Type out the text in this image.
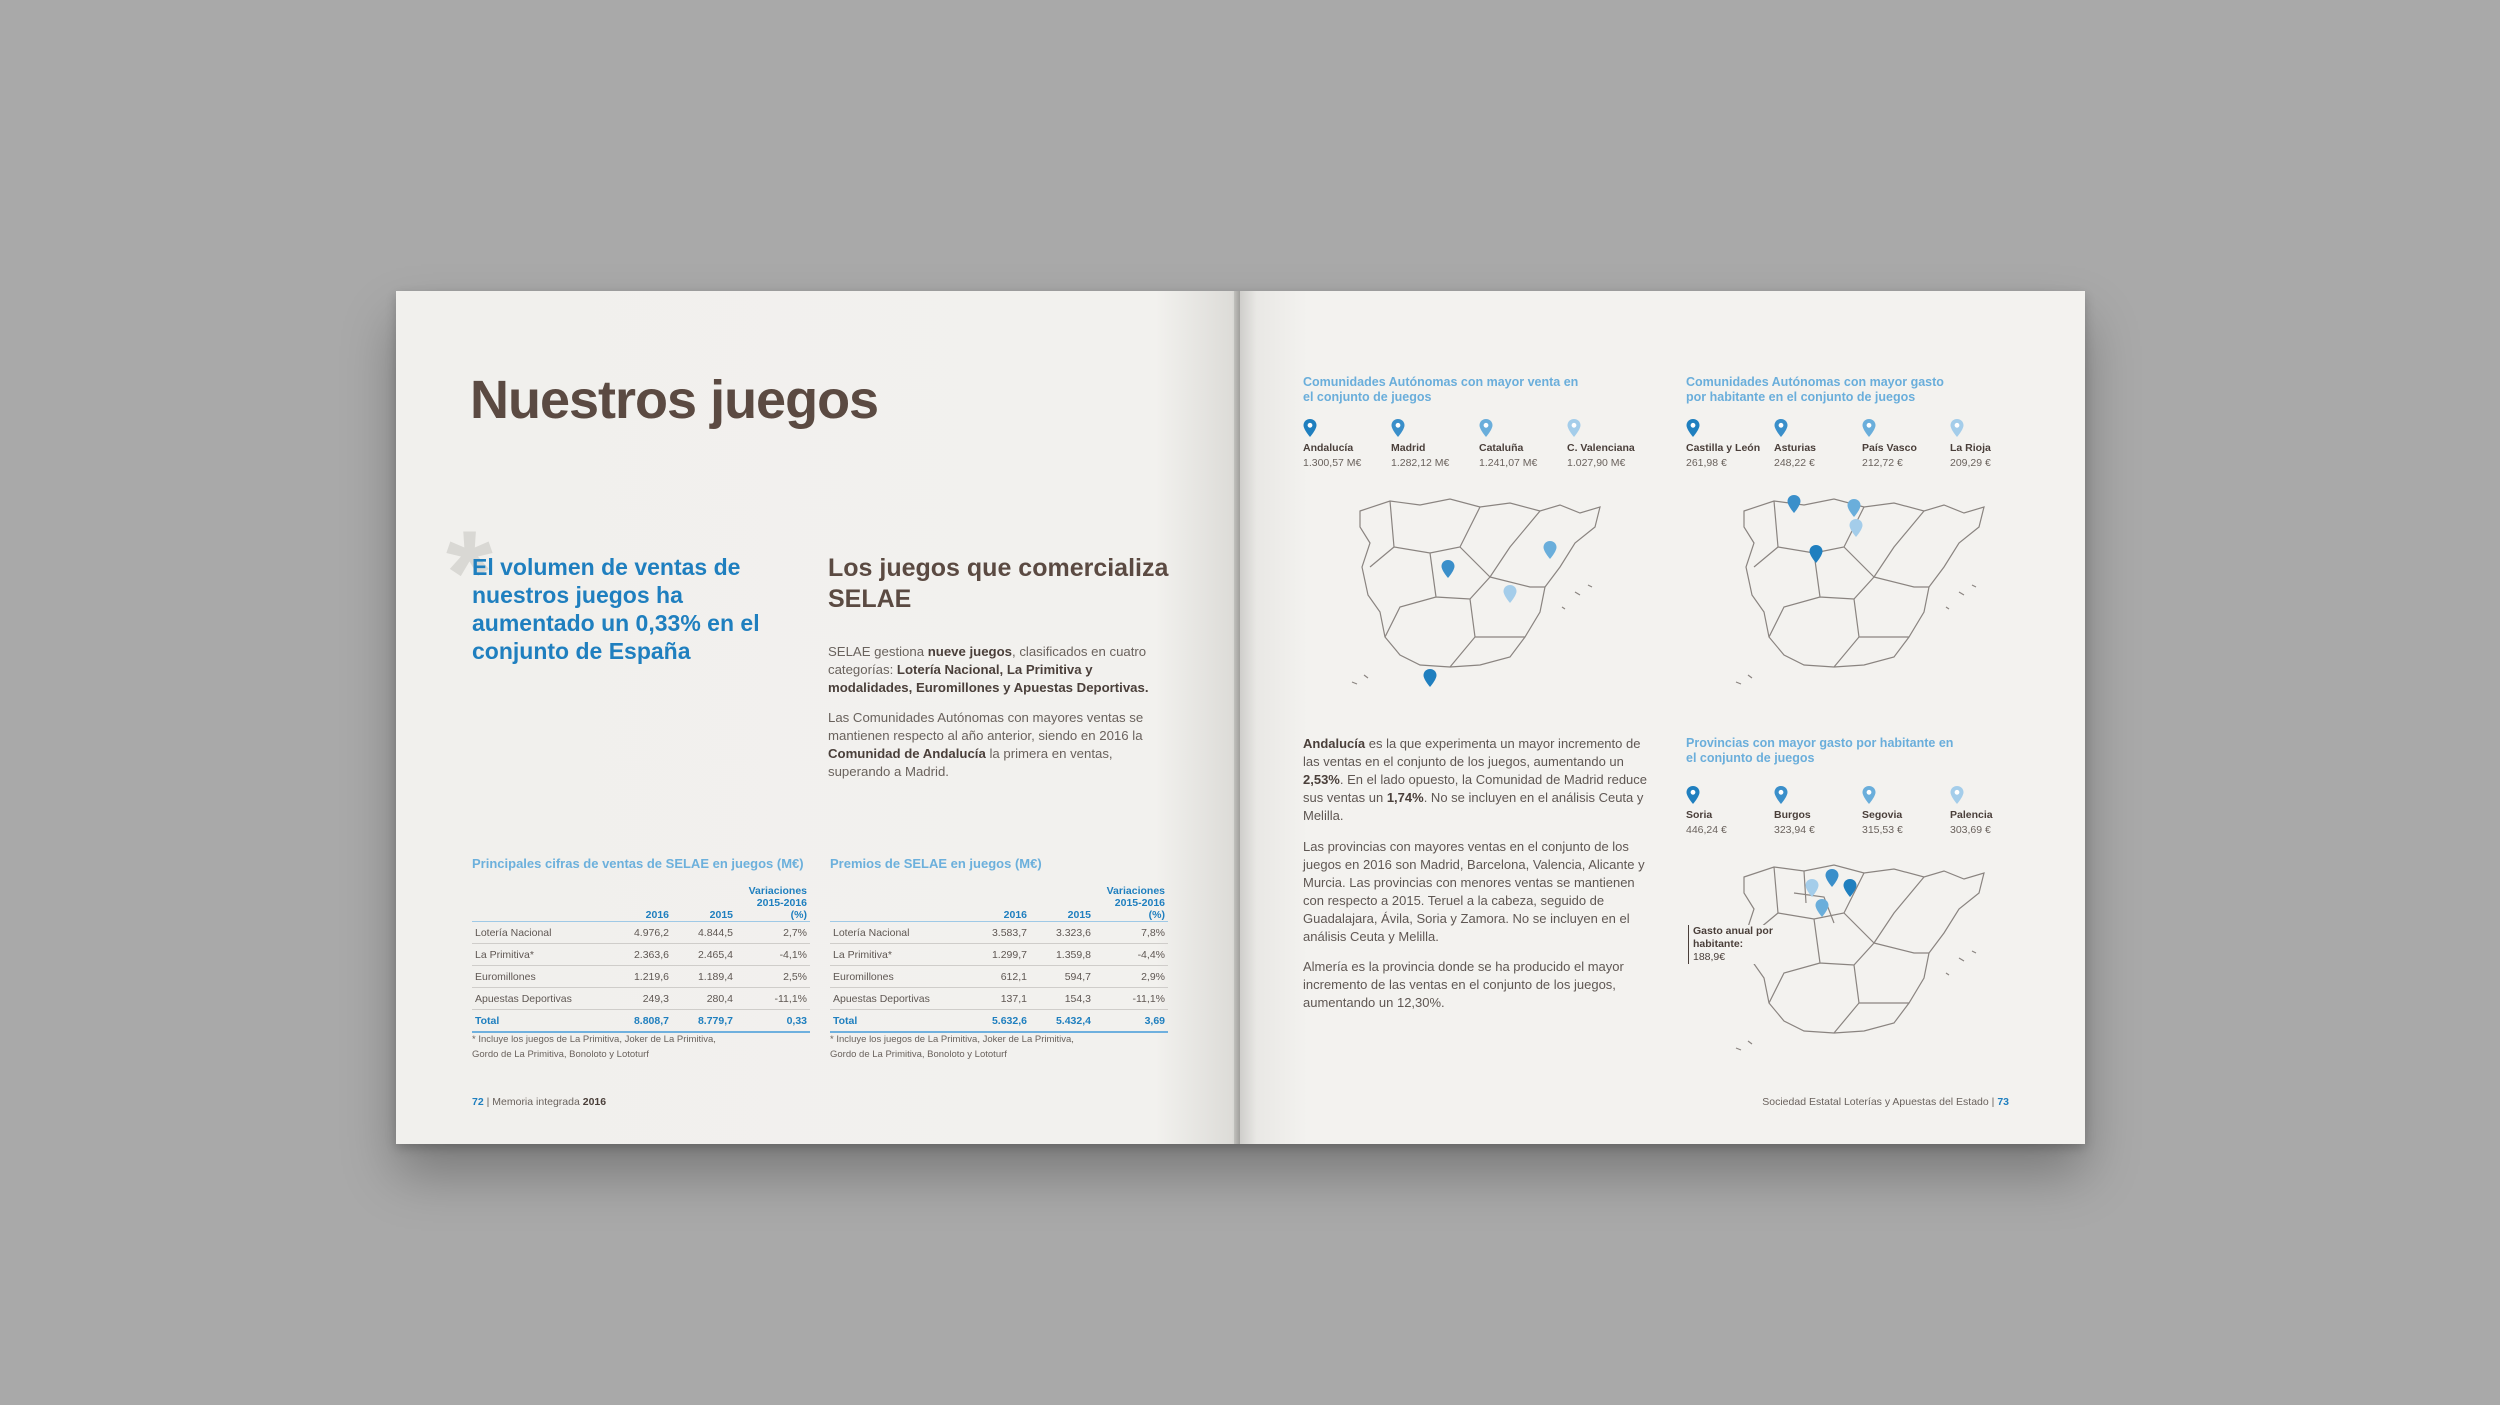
Nuestros juegos
*
El volumen de ventas de nuestros juegos ha aumentado un 0,33% en el conjunto de España
Los juegos que comercializa SELAE
SELAE gestiona nueve juegos, clasificados en cuatro categorías: Lotería Nacional, La Primitiva y modalidades, Euromillones y Apuestas Deportivas.
Las Comunidades Autónomas con mayores ventas se mantienen respecto al año anterior, siendo en 2016 la Comunidad de Andalucía la primera en ventas, superando a Madrid.
Principales cifras de ventas de SELAE en juegos (M€)
	2016	2015	Variaciones 2015-2016 (%)
Lotería Nacional	4.976,2	4.844,5	2,7%
La Primitiva*	2.363,6	2.465,4	-4,1%
Euromillones	1.219,6	1.189,4	2,5%
Apuestas Deportivas	249,3	280,4	-11,1%
Total	8.808,7	8.779,7	0,33
* Incluye los juegos de La Primitiva, Joker de La Primitiva, Gordo de La Primitiva, Bonoloto y Lototurf
Premios de SELAE en juegos (M€)
	2016	2015	Variaciones 2015-2016 (%)
Lotería Nacional	3.583,7	3.323,6	7,8%
La Primitiva*	1.299,7	1.359,8	-4,4%
Euromillones	612,1	594,7	2,9%
Apuestas Deportivas	137,1	154,3	-11,1%
Total	5.632,6	5.432,4	3,69
* Incluye los juegos de La Primitiva, Joker de La Primitiva, Gordo de La Primitiva, Bonoloto y Lototurf
72 | Memoria integrada 2016
Comunidades Autónomas con mayor venta en el conjunto de juegos
Andalucía
1.300,57 M€
Madrid
1.282,12 M€
Cataluña
1.241,07 M€
C. Valenciana
1.027,90 M€
Comunidades Autónomas con mayor gasto por habitante en el conjunto de juegos
Castilla y León
261,98 €
Asturias
248,22 €
País Vasco
212,72 €
La Rioja
209,29 €
Andalucía es la que experimenta un mayor incremento de las ventas en el conjunto de los juegos, aumentando un 2,53%. En el lado opuesto, la Comunidad de Madrid reduce sus ventas un 1,74%. No se incluyen en el análisis Ceuta y Melilla.
Las provincias con mayores ventas en el conjunto de los juegos en 2016 son Madrid, Barcelona, Valencia, Alicante y Murcia. Las provincias con menores ventas se mantienen con respecto a 2015. Teruel a la cabeza, seguido de Guadalajara, Ávila, Soria y Zamora. No se incluyen en el análisis Ceuta y Melilla.
Almería es la provincia donde se ha producido el mayor incremento de las ventas en el conjunto de los juegos, aumentando un 12,30%.
Provincias con mayor gasto por habitante en el conjunto de juegos
Soria
446,24 €
Burgos
323,94 €
Segovia
315,53 €
Palencia
303,69 €
Gasto anual por habitante:
188,9€
Sociedad Estatal Loterías y Apuestas del Estado | 73
